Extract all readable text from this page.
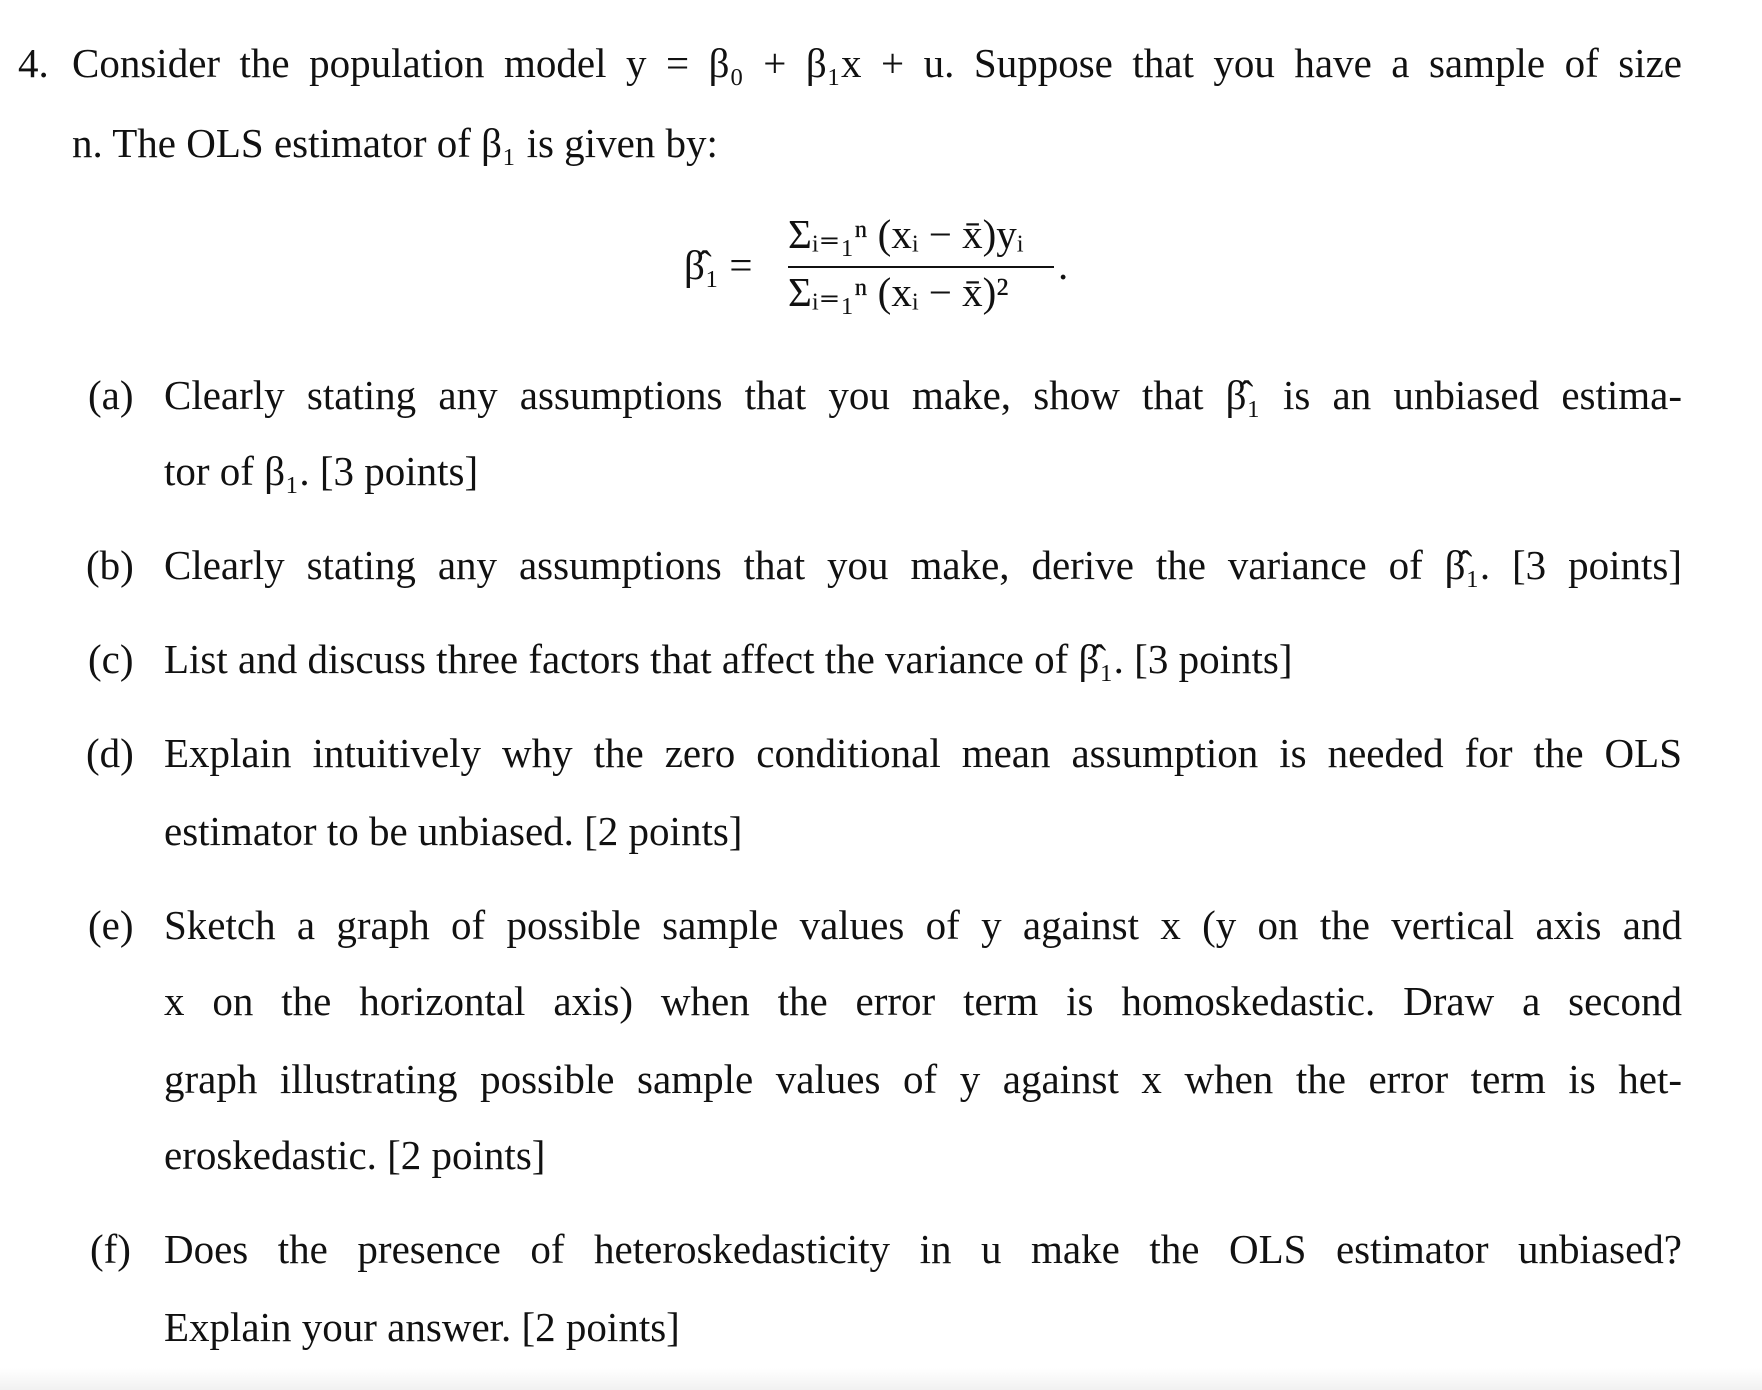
4. Consider the population model y = β₀ + β₁x + u. Suppose that you have a sample of size
n. The OLS estimator of β₁ is given by:
β̂₁ =
Σᵢ₌₁ⁿ (xᵢ − x̄)yᵢ
Σᵢ₌₁ⁿ (xᵢ − x̄)²
.
(a) Clearly stating any assumptions that you make, show that β̂₁ is an unbiased estima-
tor of β₁. [3 points]
(b) Clearly stating any assumptions that you make, derive the variance of β̂₁. [3 points]
(c) List and discuss three factors that affect the variance of β̂₁. [3 points]
(d) Explain intuitively why the zero conditional mean assumption is needed for the OLS
estimator to be unbiased. [2 points]
(e) Sketch a graph of possible sample values of y against x (y on the vertical axis and
x on the horizontal axis) when the error term is homoskedastic. Draw a second
graph illustrating possible sample values of y against x when the error term is het-
eroskedastic. [2 points]
(f) Does the presence of heteroskedasticity in u make the OLS estimator unbiased?
Explain your answer. [2 points]
